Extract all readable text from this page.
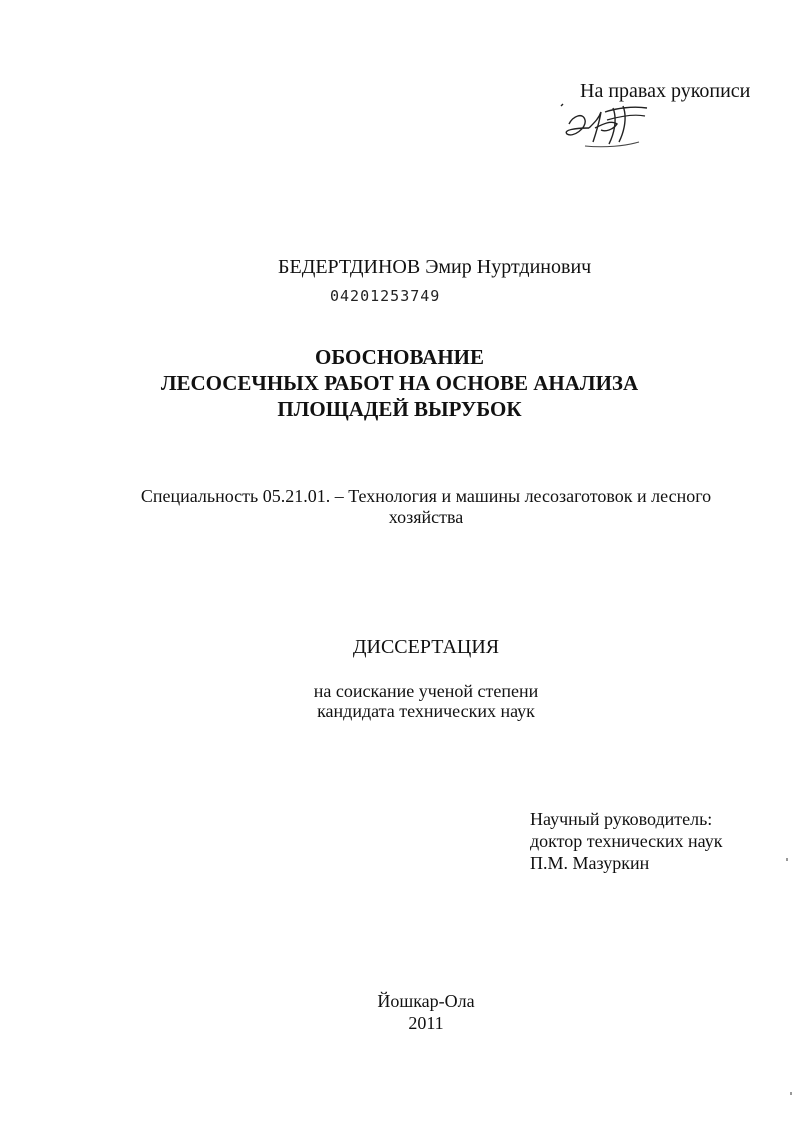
На правах рукописи
БЕДЕРТДИНОВ Эмир Нуртдинович
04201253749
ОБОСНОВАНИЕ
ЛЕСОСЕЧНЫХ РАБОТ НА ОСНОВЕ АНАЛИЗА
ПЛОЩАДЕЙ ВЫРУБОК
Специальность 05.21.01. – Технология и машины лесозаготовок и лесного
хозяйства
ДИССЕРТАЦИЯ
на соискание ученой степени
кандидата технических наук
Научный руководитель:
доктор технических наук
П.М. Мазуркин
Йошкар-Ола
2011
